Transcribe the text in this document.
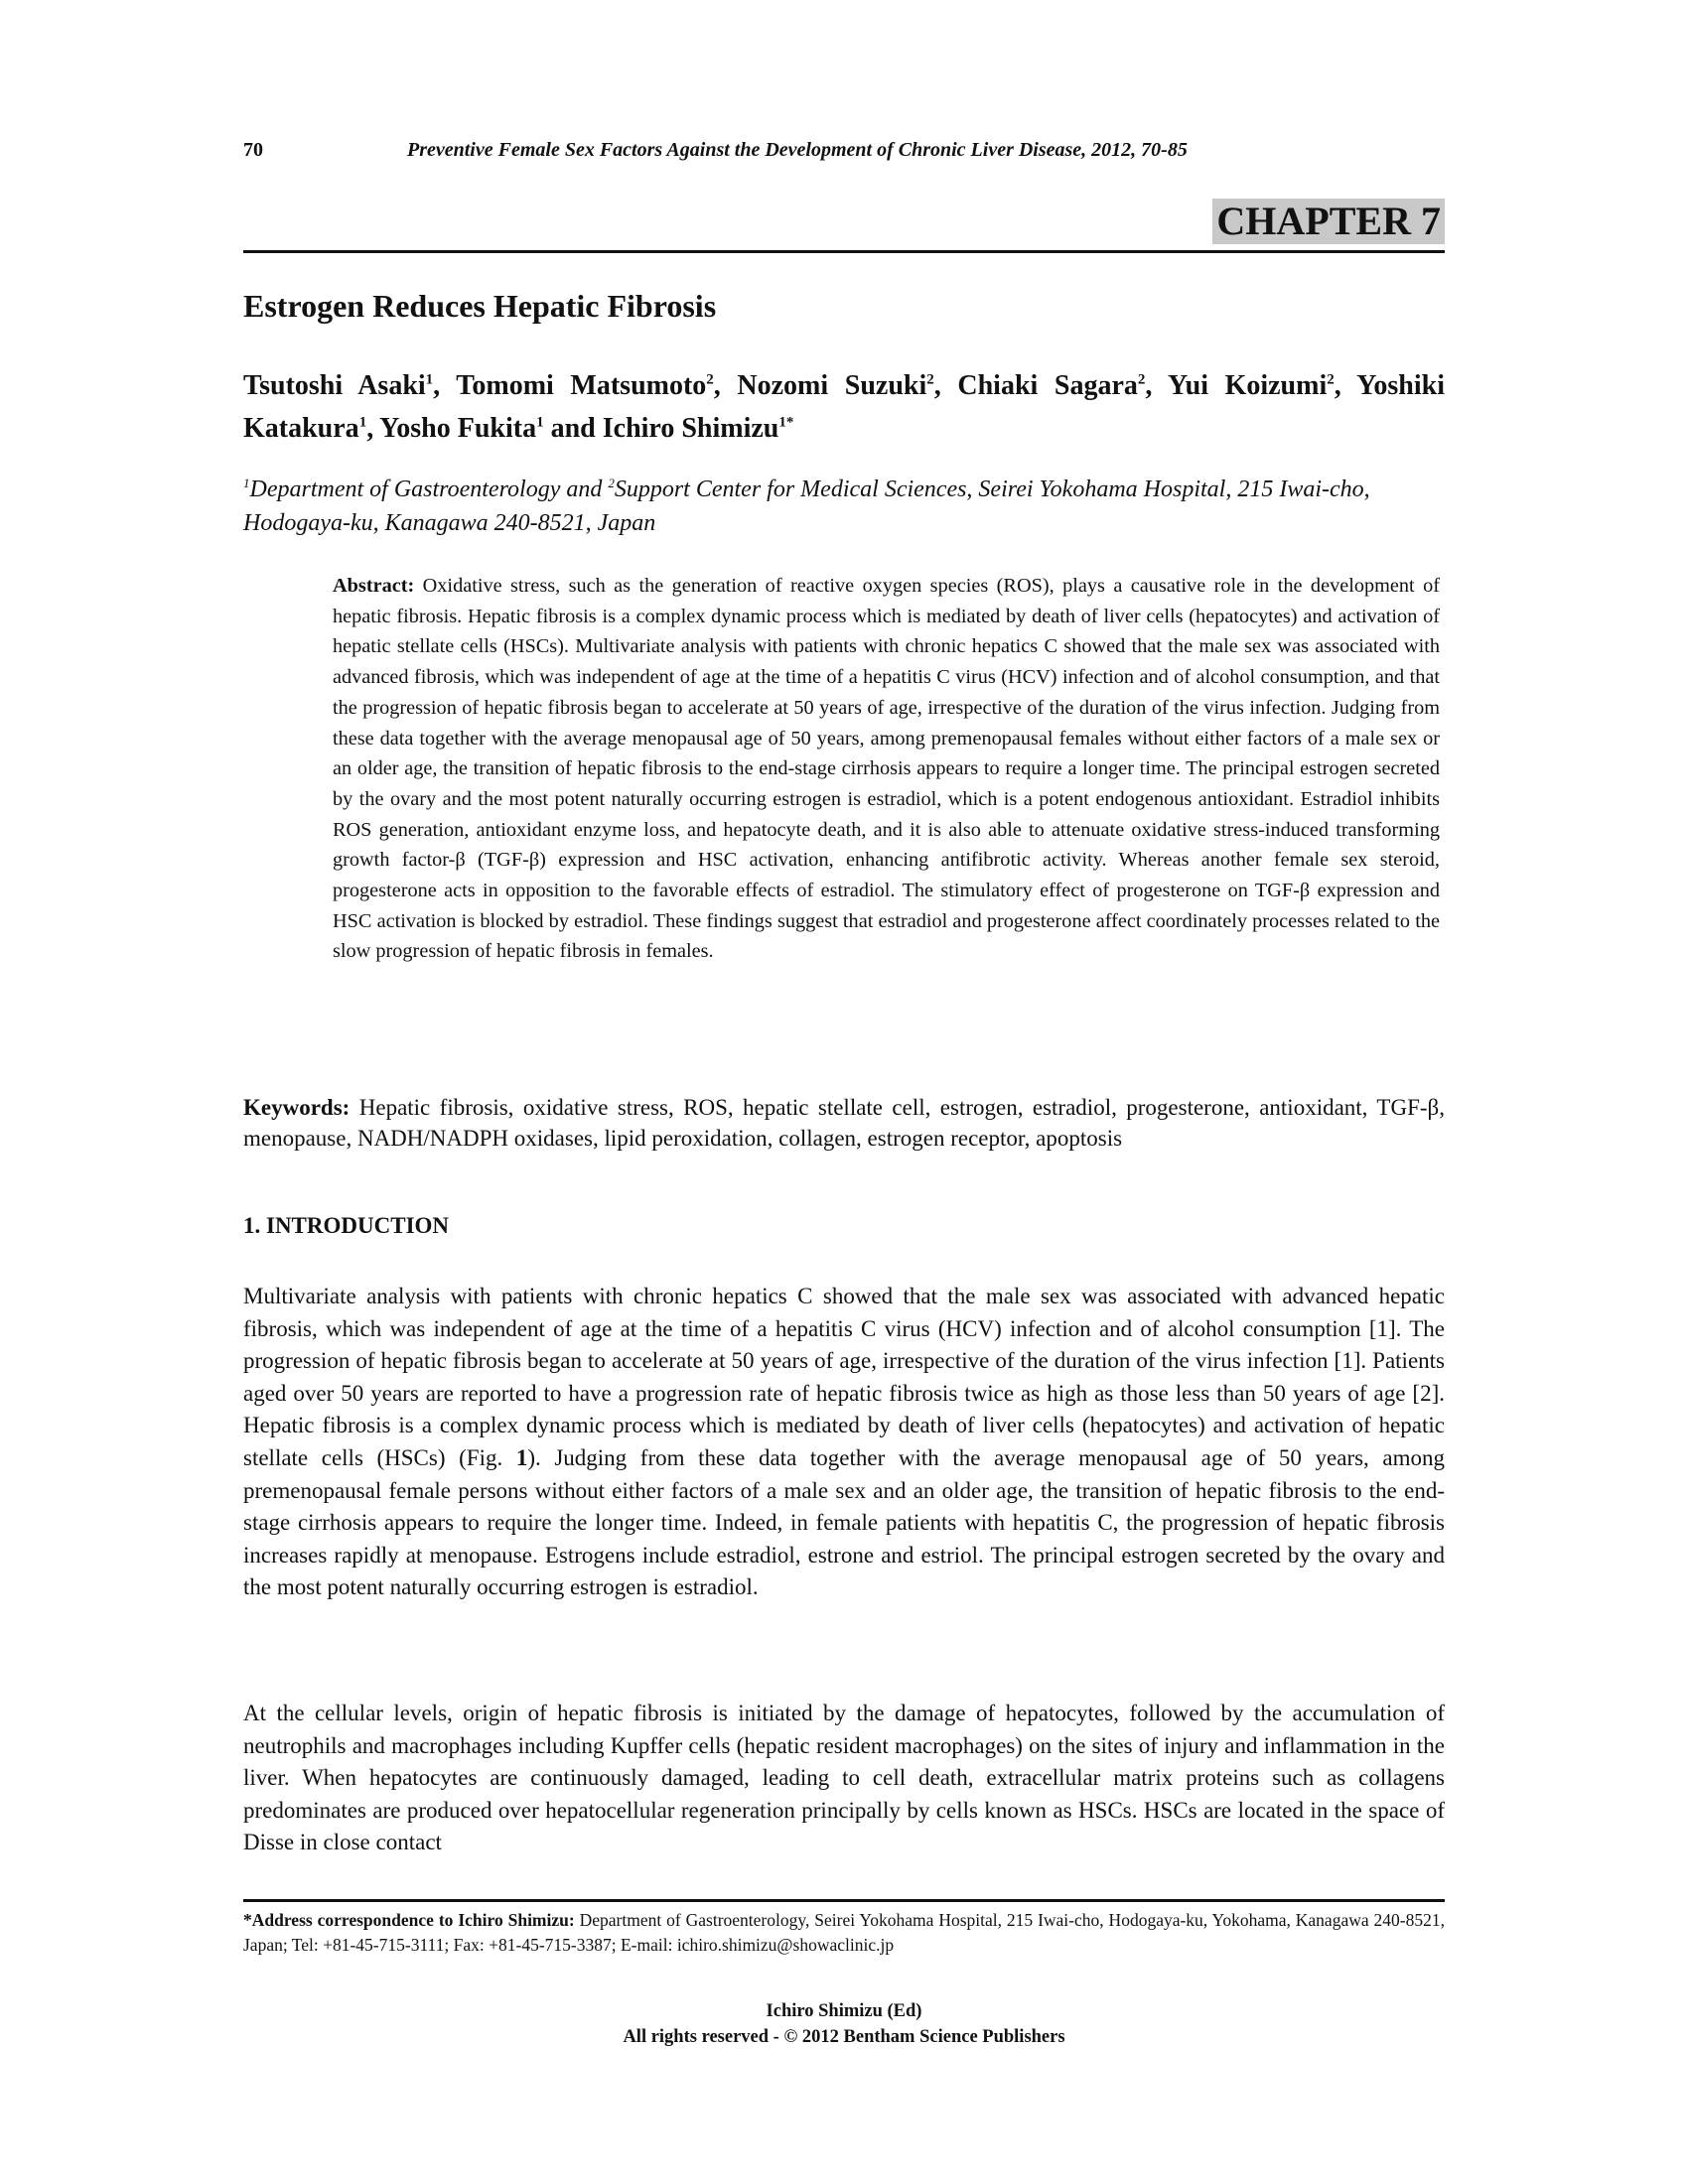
70	Preventive Female Sex Factors Against the Development of Chronic Liver Disease, 2012, 70-85
CHAPTER 7
Estrogen Reduces Hepatic Fibrosis
Tsutoshi Asaki$^1$, Tomomi Matsumoto$^2$, Nozomi Suzuki$^2$, Chiaki Sagara$^2$, Yui Koizumi$^2$, Yoshiki Katakura$^1$, Yosho Fukita$^1$ and Ichiro Shimizu$^{1*}$
$^1$Department of Gastroenterology and $^2$Support Center for Medical Sciences, Seirei Yokohama Hospital, 215 Iwai-cho, Hodogaya-ku, Kanagawa 240-8521, Japan
Abstract: Oxidative stress, such as the generation of reactive oxygen species (ROS), plays a causative role in the development of hepatic fibrosis. Hepatic fibrosis is a complex dynamic process which is mediated by death of liver cells (hepatocytes) and activation of hepatic stellate cells (HSCs). Multivariate analysis with patients with chronic hepatics C showed that the male sex was associated with advanced fibrosis, which was independent of age at the time of a hepatitis C virus (HCV) infection and of alcohol consumption, and that the progression of hepatic fibrosis began to accelerate at 50 years of age, irrespective of the duration of the virus infection. Judging from these data together with the average menopausal age of 50 years, among premenopausal females without either factors of a male sex or an older age, the transition of hepatic fibrosis to the end-stage cirrhosis appears to require a longer time. The principal estrogen secreted by the ovary and the most potent naturally occurring estrogen is estradiol, which is a potent endogenous antioxidant. Estradiol inhibits ROS generation, antioxidant enzyme loss, and hepatocyte death, and it is also able to attenuate oxidative stress-induced transforming growth factor-β (TGF-β) expression and HSC activation, enhancing antifibrotic activity. Whereas another female sex steroid, progesterone acts in opposition to the favorable effects of estradiol. The stimulatory effect of progesterone on TGF-β expression and HSC activation is blocked by estradiol. These findings suggest that estradiol and progesterone affect coordinately processes related to the slow progression of hepatic fibrosis in females.
Keywords: Hepatic fibrosis, oxidative stress, ROS, hepatic stellate cell, estrogen, estradiol, progesterone, antioxidant, TGF-β, menopause, NADH/NADPH oxidases, lipid peroxidation, collagen, estrogen receptor, apoptosis
1. INTRODUCTION

Multivariate analysis with patients with chronic hepatics C showed that the male sex was associated with advanced hepatic fibrosis, which was independent of age at the time of a hepatitis C virus (HCV) infection and of alcohol consumption [1]. The progression of hepatic fibrosis began to accelerate at 50 years of age, irrespective of the duration of the virus infection [1]. Patients aged over 50 years are reported to have a progression rate of hepatic fibrosis twice as high as those less than 50 years of age [2]. Hepatic fibrosis is a complex dynamic process which is mediated by death of liver cells (hepatocytes) and activation of hepatic stellate cells (HSCs) (Fig. 1). Judging from these data together with the average menopausal age of 50 years, among premenopausal female persons without either factors of a male sex and an older age, the transition of hepatic fibrosis to the end-stage cirrhosis appears to require the longer time. Indeed, in female patients with hepatitis C, the progression of hepatic fibrosis increases rapidly at menopause. Estrogens include estradiol, estrone and estriol. The principal estrogen secreted by the ovary and the most potent naturally occurring estrogen is estradiol.

At the cellular levels, origin of hepatic fibrosis is initiated by the damage of hepatocytes, followed by the accumulation of neutrophils and macrophages including Kupffer cells (hepatic resident macrophages) on the sites of injury and inflammation in the liver. When hepatocytes are continuously damaged, leading to cell death, extracellular matrix proteins such as collagens predominates are produced over hepatocellular regeneration principally by cells known as HSCs. HSCs are located in the space of Disse in close contact

*Address correspondence to Ichiro Shimizu: Department of Gastroenterology, Seirei Yokohama Hospital, 215 Iwai-cho, Hodogaya-ku, Yokohama, Kanagawa 240-8521, Japan; Tel: +81-45-715-3111; Fax: +81-45-715-3387; E-mail: ichiro.shimizu@showaclinic.jp
Ichiro Shimizu (Ed)
All rights reserved - © 2012 Bentham Science Publishers
